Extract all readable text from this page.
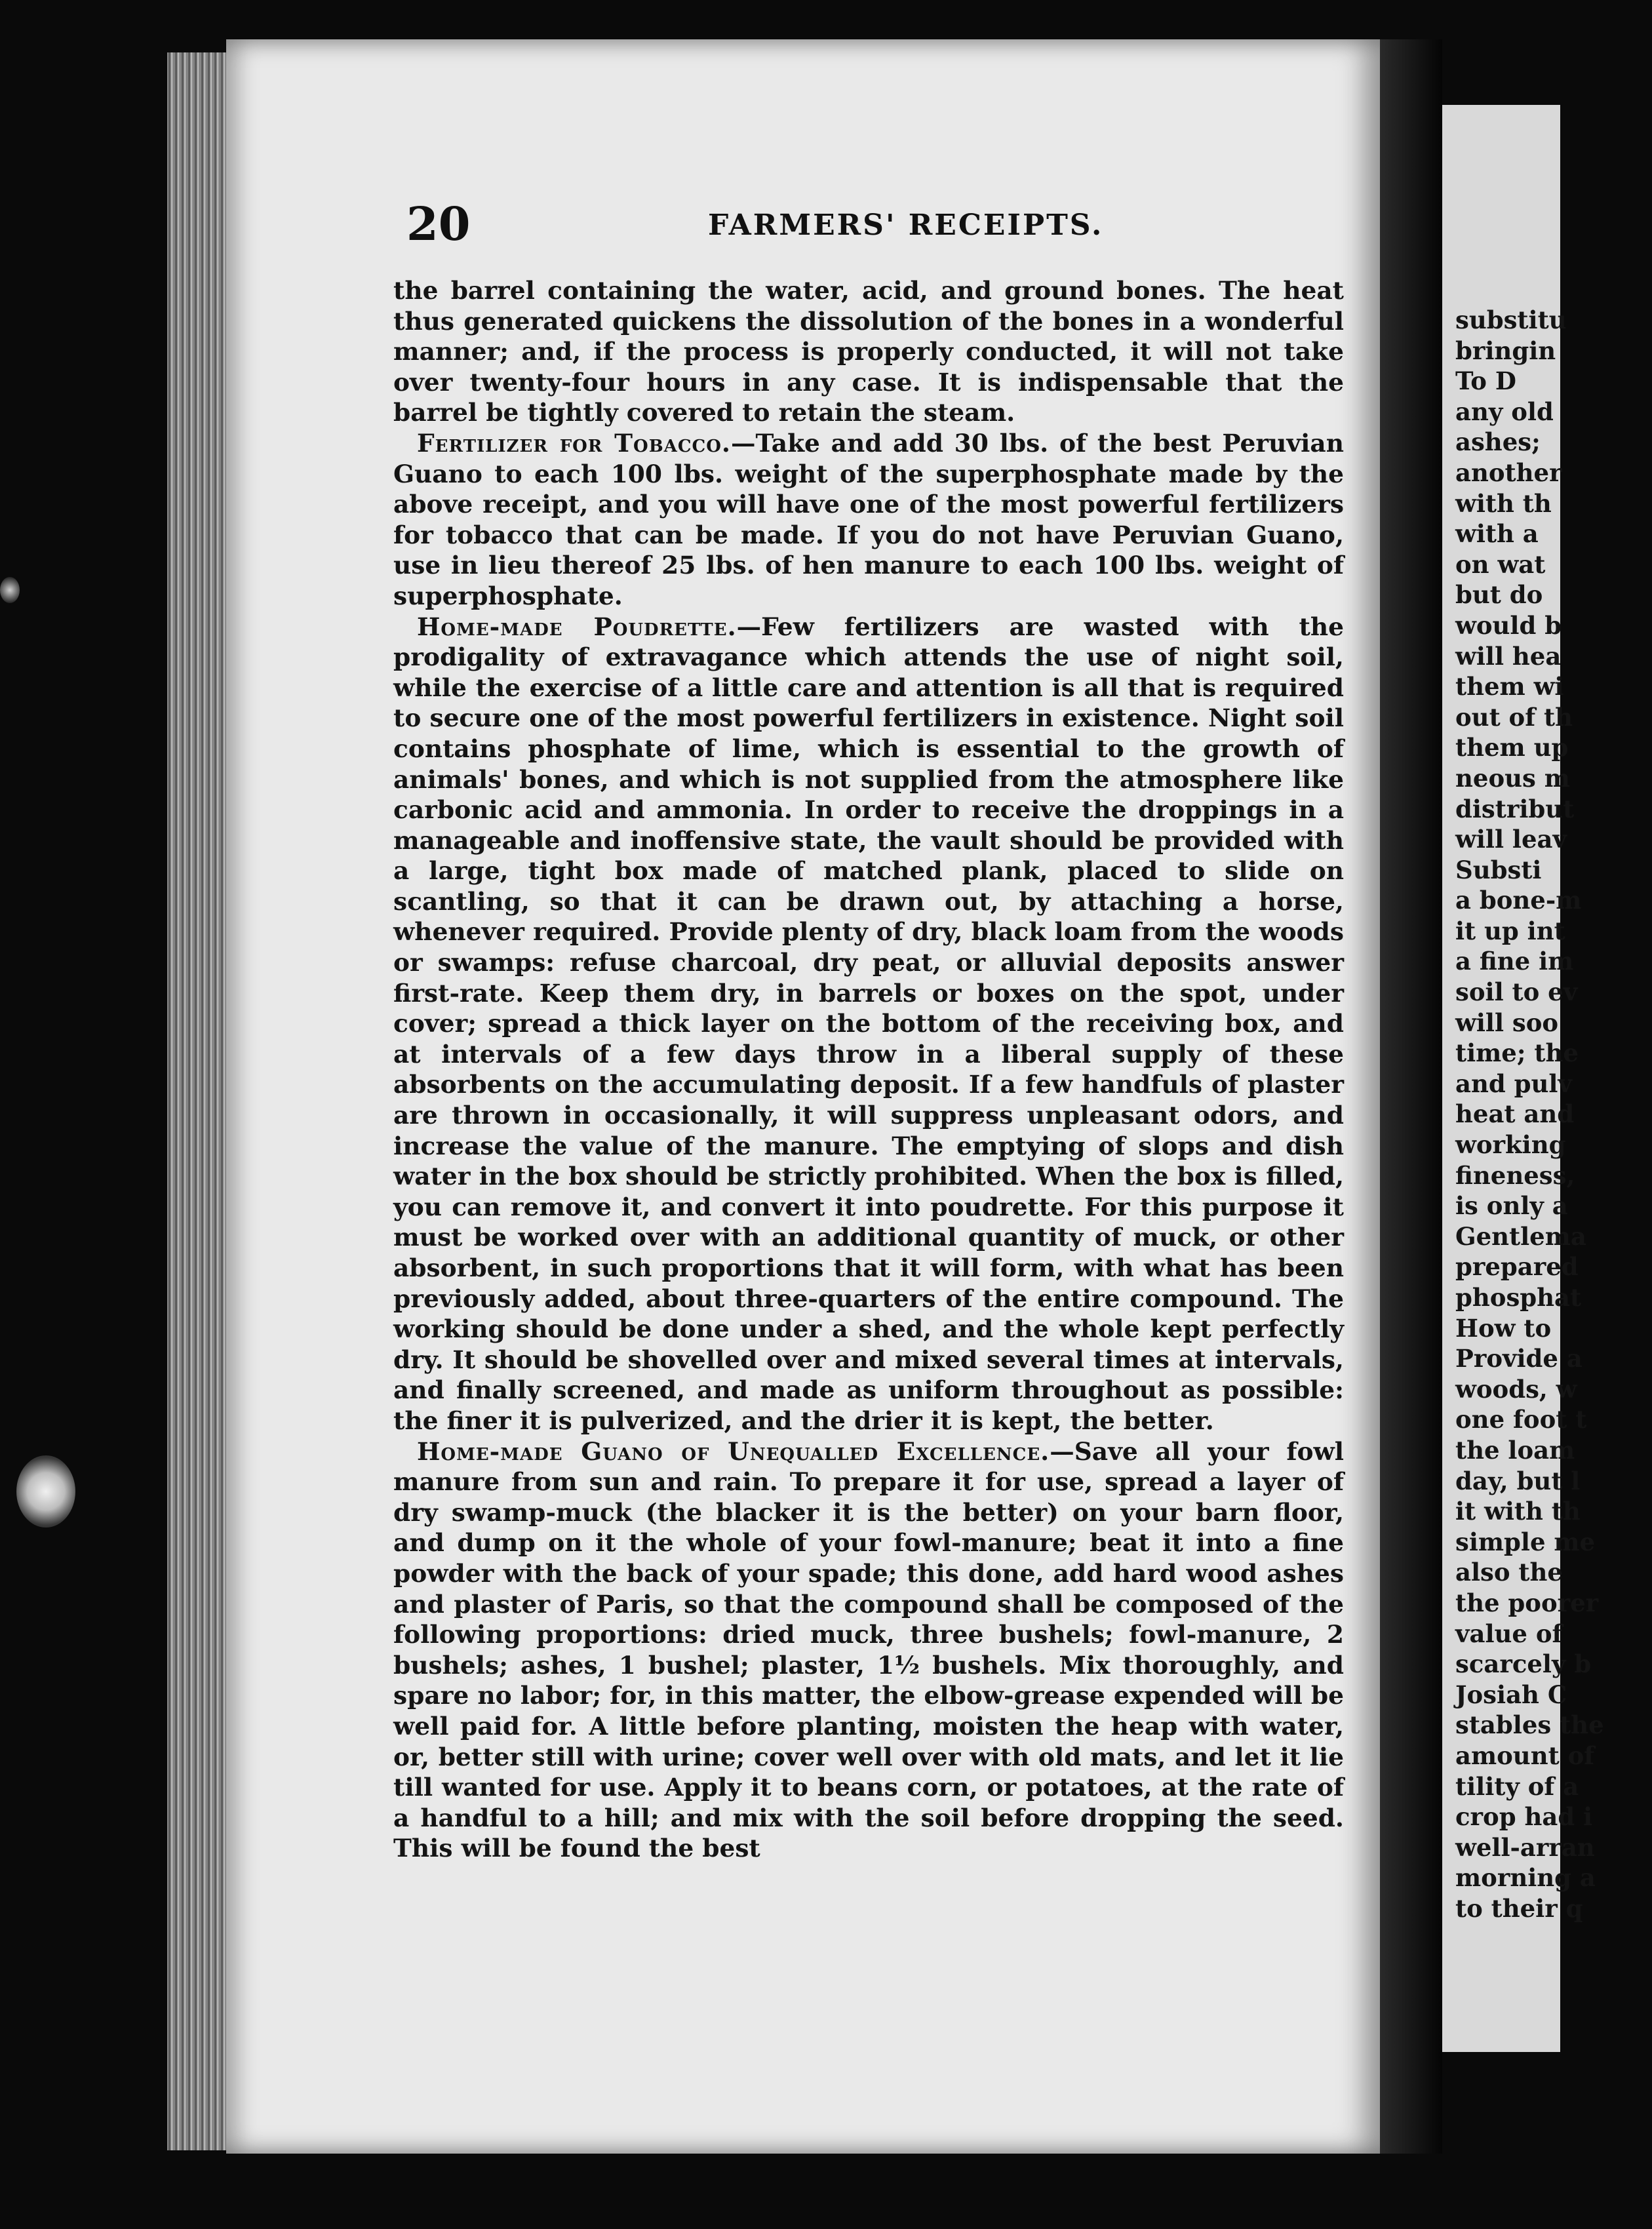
20	FARMERS' RECEIPTS.

the barrel containing the water, acid, and ground bones. The heat thus generated quickens the dissolution of the bones in a wonderful manner; and, if the process is properly conducted, it will not take over twenty-four hours in any case. It is indispensable that the barrel be tightly covered to retain the steam.

Fertilizer for Tobacco.—Take and add 30 lbs. of the best Peruvian Guano to each 100 lbs. weight of the superphosphate made by the above receipt, and you will have one of the most powerful fertilizers for tobacco that can be made. If you do not have Peruvian Guano, use in lieu thereof 25 lbs. of hen manure to each 100 lbs. weight of superphosphate.

Home-made Poudrette.—Few fertilizers are wasted with the prodigality of extravagance which attends the use of night soil, while the exercise of a little care and attention is all that is required to secure one of the most powerful fertilizers in existence. Night soil contains phosphate of lime, which is essential to the growth of animals' bones, and which is not supplied from the atmosphere like carbonic acid and ammonia. In order to receive the droppings in a manageable and inoffensive state, the vault should be provided with a large, tight box made of matched plank, placed to slide on scantling, so that it can be drawn out, by attaching a horse, whenever required. Provide plenty of dry, black loam from the woods or swamps: refuse charcoal, dry peat, or alluvial deposits answer first-rate. Keep them dry, in barrels or boxes on the spot, under cover; spread a thick layer on the bottom of the receiving box, and at intervals of a few days throw in a liberal supply of these absorbents on the accumulating deposit. If a few handfuls of plaster are thrown in occasionally, it will suppress unpleasant odors, and increase the value of the manure. The emptying of slops and dish water in the box should be strictly prohibited. When the box is filled, you can remove it, and convert it into poudrette. For this purpose it must be worked over with an additional quantity of muck, or other absorbent, in such proportions that it will form, with what has been previously added, about three-quarters of the entire compound. The working should be done under a shed, and the whole kept perfectly dry. It should be shovelled over and mixed several times at intervals, and finally screened, and made as uniform throughout as possible: the finer it is pulverized, and the drier it is kept, the better.

Home-made Guano of Unequalled Excellence.—Save all your fowl manure from sun and rain. To prepare it for use, spread a layer of dry swamp-muck (the blacker it is the better) on your barn floor, and dump on it the whole of your fowl-manure; beat it into a fine powder with the back of your spade; this done, add hard wood ashes and plaster of Paris, so that the compound shall be composed of the following proportions: dried muck, three bushels; fowl-manure, 2 bushels; ashes, 1 bushel; plaster, 1½ bushels. Mix thoroughly, and spare no labor; for, in this matter, the elbow-grease expended will be well paid for. A little before planting, moisten the heap with water, or, better still with urine; cover well over with old mats, and let it lie till wanted for use. Apply it to beans corn, or potatoes, at the rate of a handful to a hill; and mix with the soil before dropping the seed. This will be found the best

substitu
bringin
To D
any old
ashes;
another
with th
with a
on wat
but do
would b
will hea
them wi
out of th
them up
neous m
distribut
will leav
Substi
a bone-m
it up int
a fine im
soil to ev
will soo
time; the
and pulv
heat and
working
fineness,
is only a
Gentlema
prepared
phosphat
How to
Provide a
woods, w
one foot t
the loam
day, but l
it with th
simple me
also the
the poorer
value of
scarcely b
Josiah C
stables the
amount of
tility of a
crop had i
well-arran
morning a
to their q
